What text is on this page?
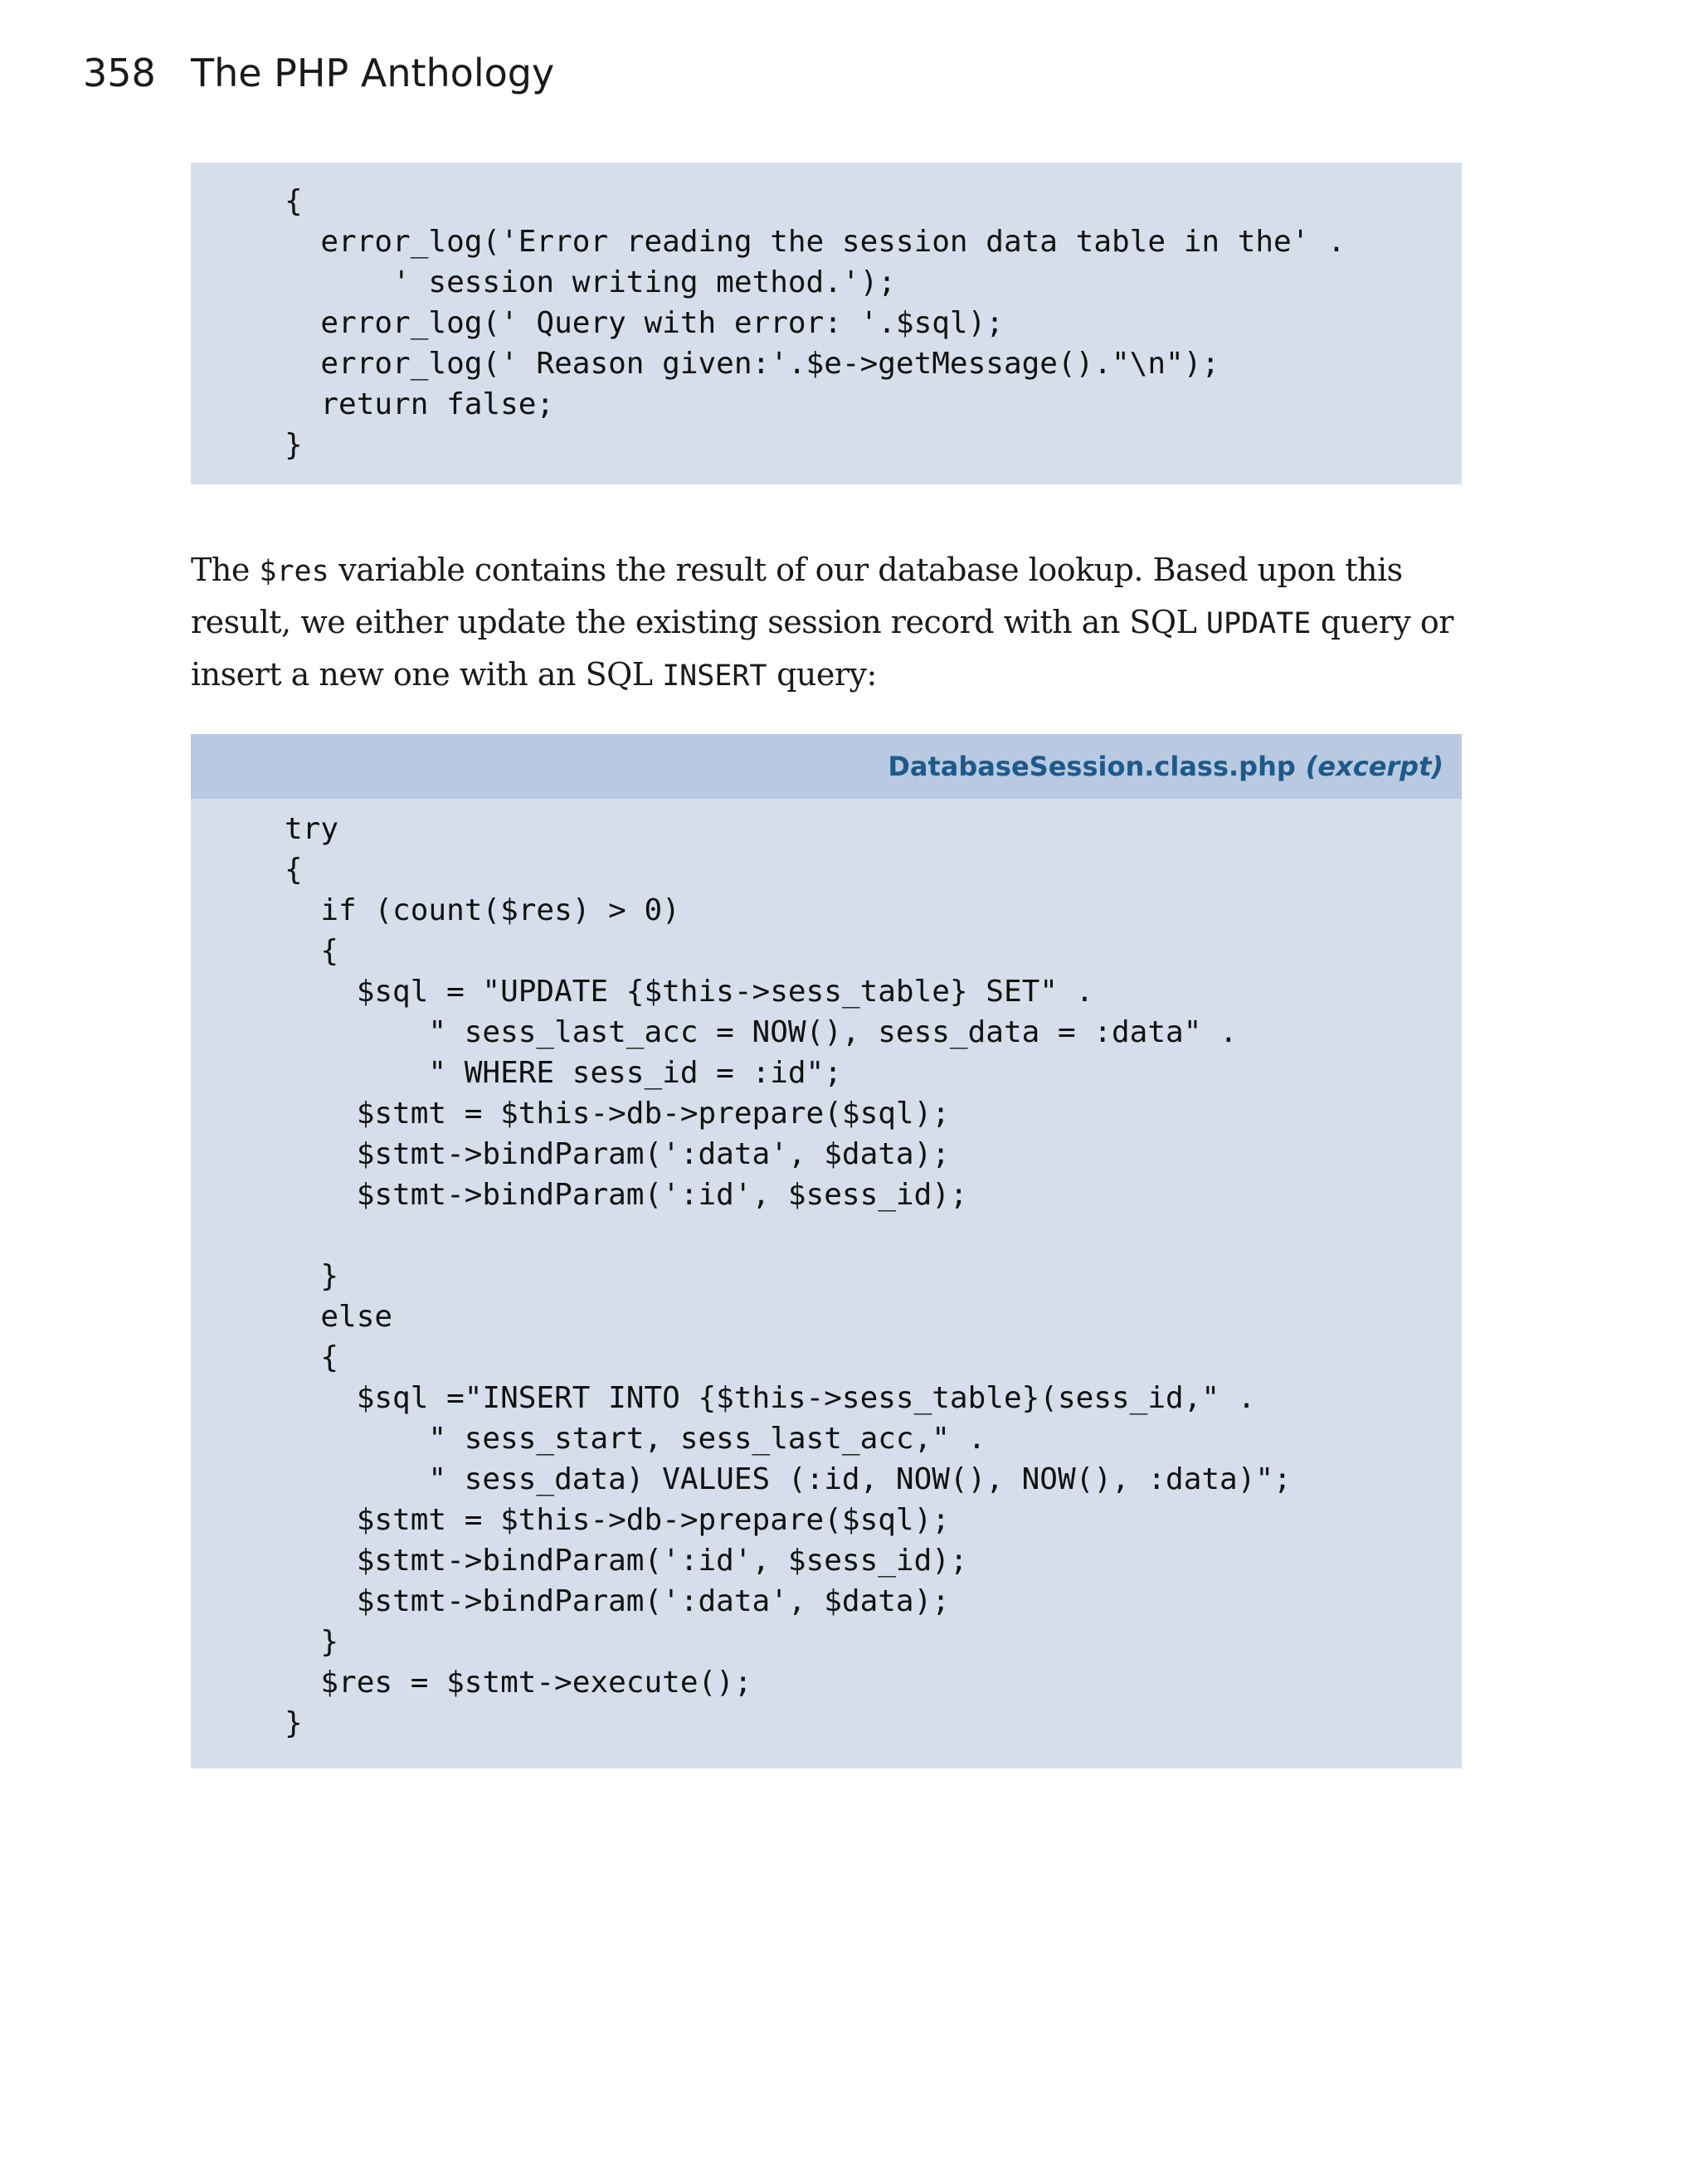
358 The PHP Anthology
{
error_log('Error reading the session data table in the' .
' session writing method.');
error_log(' Query with error: '.$sql);
error_log(' Reason given:'.$e->getMessage()."\n");
return false;
}

The $res variable contains the result of our database lookup. Based upon this result, we either update the existing session record with an SQL UPDATE query or insert a new one with an SQL INSERT query:

DatabaseSession.class.php (excerpt)
try
{
if (count($res) > 0)
{
$sql = "UPDATE {$this->sess_table} SET" .
" sess_last_acc = NOW(), sess_data = :data" .
" WHERE sess_id = :id";
$stmt = $this->db->prepare($sql);
$stmt->bindParam(':data', $data);
$stmt->bindParam(':id', $sess_id);

}
else
{
$sql ="INSERT INTO {$this->sess_table}(sess_id," .
" sess_start, sess_last_acc," .
" sess_data) VALUES (:id, NOW(), NOW(), :data)";
$stmt = $this->db->prepare($sql);
$stmt->bindParam(':id', $sess_id);
$stmt->bindParam(':data', $data);
}
$res = $stmt->execute();
}
